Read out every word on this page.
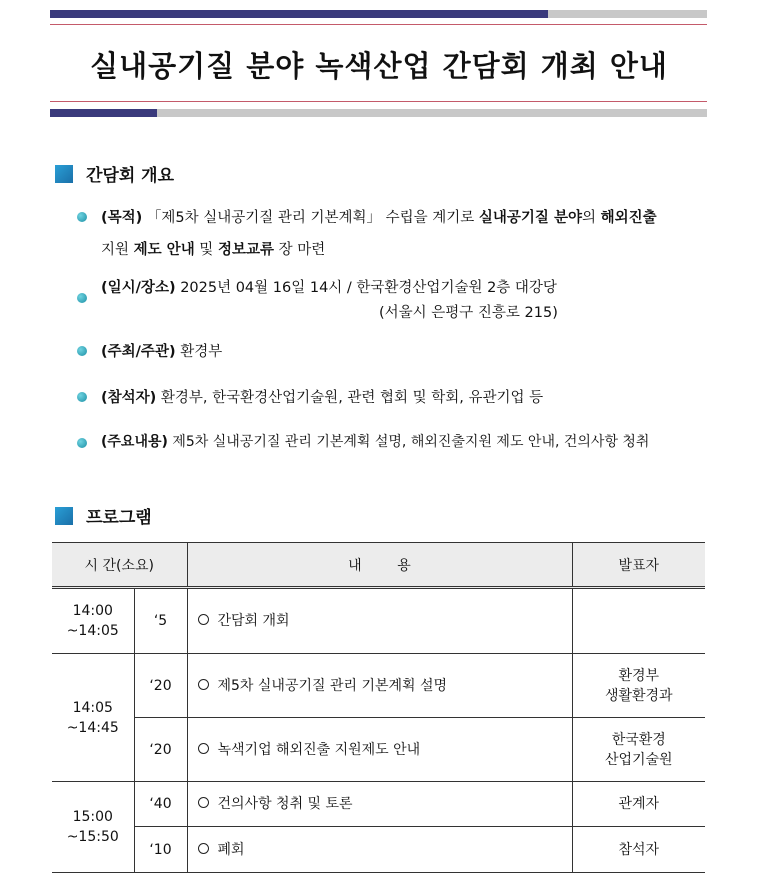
실내공기질 분야 녹색산업 간담회 개최 안내
간담회 개요
(목적) 「제5차 실내공기질 관리 기본계획」 수립을 계기로 실내공기질 분야의 해외진출
지원 제도 안내 및 정보교류 장 마련
(일시/장소) 2025년 04월 16일 14시 / 한국환경산업기술원 2층 대강당
(서울시 은평구 진흥로 215)
(주최/주관) 환경부
(참석자) 환경부, 한국환경산업기술원, 관련 협회 및 학회, 유관기업 등
(주요내용) 제5차 실내공기질 관리 기본계획 설명, 해외진출지원 제도 안내, 건의사항 청취
프로그램
시 간(소요)		내        용	발표자
14:00
~14:05	‘5	간담회 개회	
14:05
~14:45	‘20	제5차 실내공기질 관리 기본계획 설명	환경부
생활환경과
	‘20	녹색기업 해외진출 지원제도 안내	한국환경
산업기술원
15:00
~15:50	‘40	건의사항 청취 및 토론	관계자
	‘10	폐회	참석자
